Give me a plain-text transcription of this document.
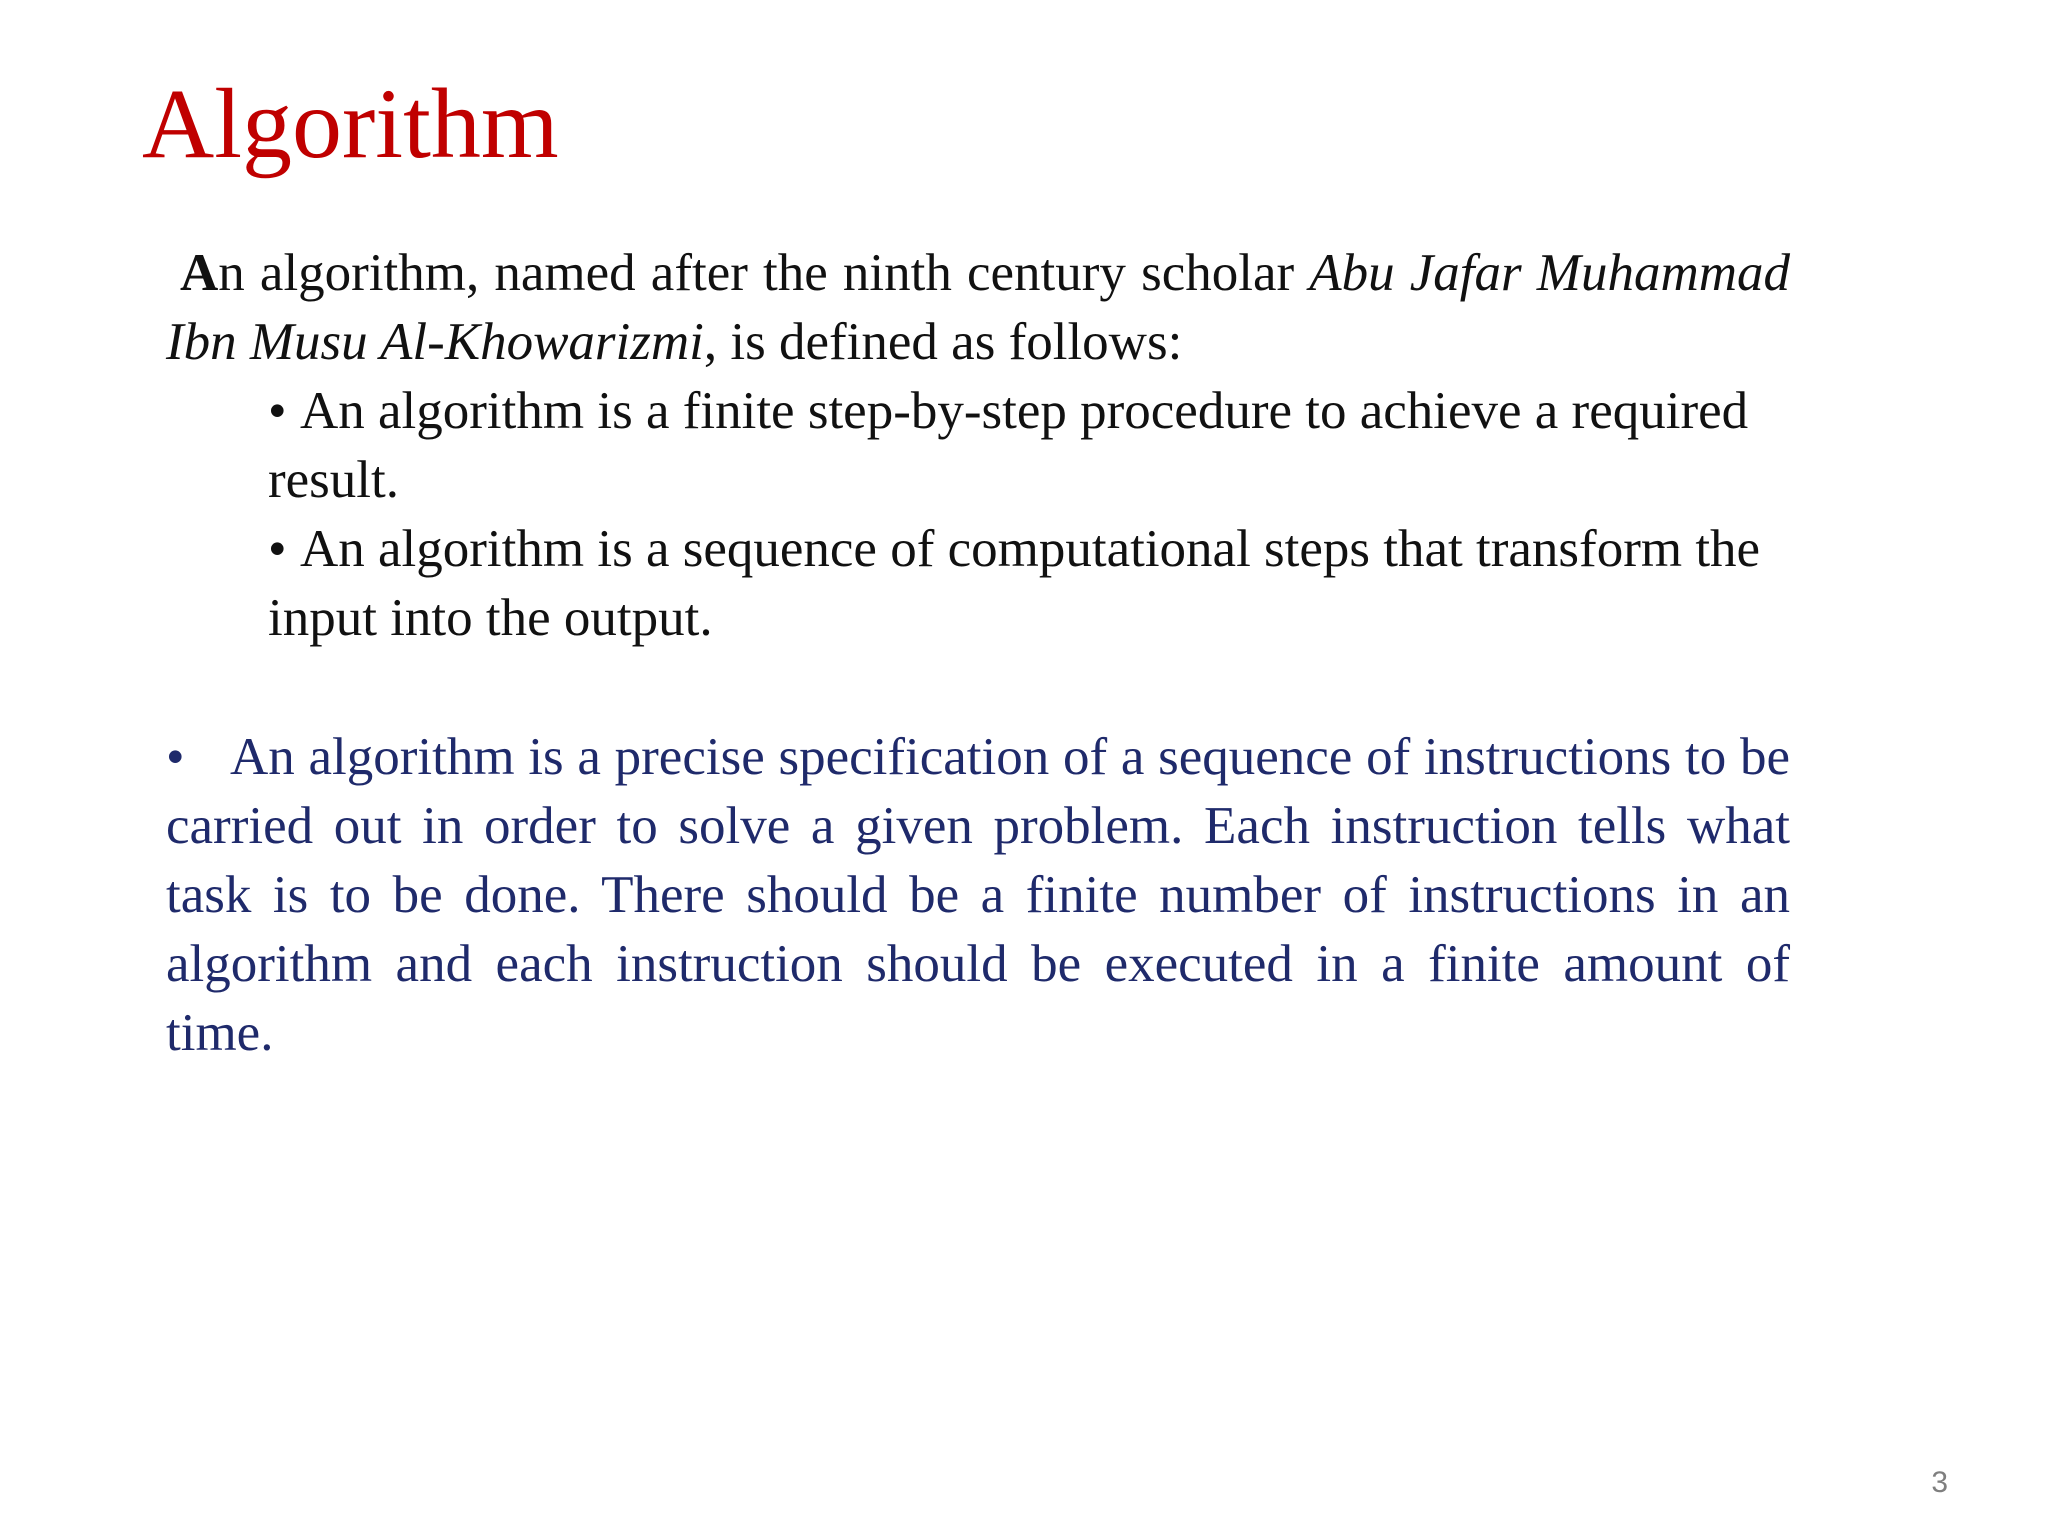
Algorithm

An algorithm, named after the ninth century scholar Abu Jafar Muhammad Ibn Musu Al-Khowarizmi, is defined as follows:

• An algorithm is a finite step-by-step procedure to achieve a required result.
• An algorithm is a sequence of computational steps that transform the input into the output.

• An algorithm is a precise specification of a sequence of instructions to be carried out in order to solve a given problem. Each instruction tells what task is to be done. There should be a finite number of instructions in an algorithm and each instruction should be executed in a finite amount of time.

3
